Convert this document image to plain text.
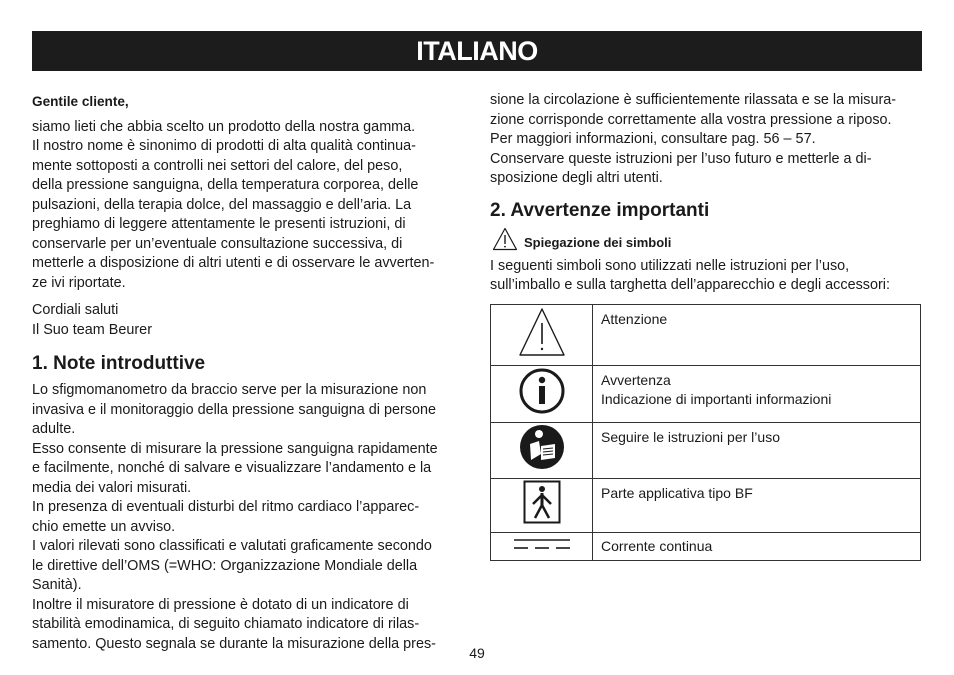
ITALIANO

Gentile cliente,

siamo lieti che abbia scelto un prodotto della nostra gamma.

Il nostro nome è sinonimo di prodotti di alta qualità continua-

mente sottoposti a controlli nei settori del calore, del peso,

della pressione sanguigna, della temperatura corporea, delle

pulsazioni, della terapia dolce, del massaggio e dell’aria. La

preghiamo di leggere attentamente le presenti istruzioni, di

conservarle per un’eventuale consultazione successiva, di

metterle a disposizione di altri utenti e di osservare le avverten-

ze ivi riportate.

Cordiali saluti

Il Suo team Beurer

1. Note introduttive

Lo sfigmomanometro da braccio serve per la misurazione non

invasiva e il monitoraggio della pressione sanguigna di persone

adulte.

Esso consente di misurare la pressione sanguigna rapidamente

e facilmente, nonché di salvare e visualizzare l’andamento e la

media dei valori misurati.

In presenza di eventuali disturbi del ritmo cardiaco l’apparec-

chio emette un avviso.

I valori rilevati sono classificati e valutati graficamente secondo

le direttive dell’OMS (=WHO: Organizzazione Mondiale della

Sanità).

Inoltre il misuratore di pressione è dotato di un indicatore di

stabilità emodinamica, di seguito chiamato indicatore di rilas-

samento. Questo segnala se durante la misurazione della pres-

sione la circolazione è sufficientemente rilassata e se la misura-

zione corrisponde correttamente alla vostra pressione a riposo.

Per maggiori informazioni, consultare pag. 56 – 57.

Conservare queste istruzioni per l’uso futuro e metterle a di-

sposizione degli altri utenti.

2. Avvertenze importanti

Spiegazione dei simboli

I seguenti simboli sono utilizzati nelle istruzioni per l’uso,

sull’imballo e sulla targhetta dell’apparecchio e degli accessori:

Attenzione

Avvertenza
Indicazione di importanti informazioni

Seguire le istruzioni per l’uso

Parte applicativa tipo BF

Corrente continua
49
